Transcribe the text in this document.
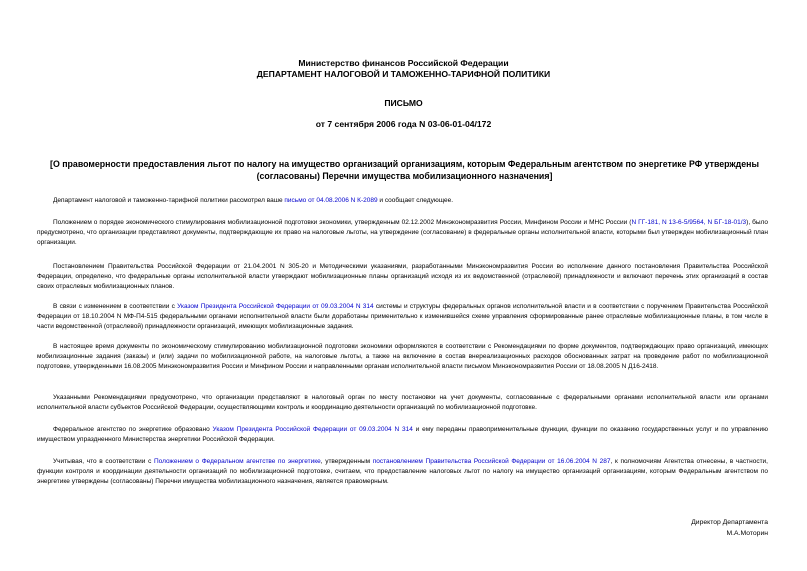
Министерство финансов Российской Федерации
ДЕПАРТАМЕНТ НАЛОГОВОЙ И ТАМОЖЕННО-ТАРИФНОЙ ПОЛИТИКИ
ПИСЬМО
от 7 сентября 2006 года N 03-06-01-04/172
[О правомерности предоставления льгот по налогу на имущество организаций организациям, которым Федеральным агентством по энергетике РФ утверждены (согласованы) Перечни имущества мобилизационного назначения]

Департамент налоговой и таможенно-тарифной политики рассмотрел ваше письмо от 04.08.2006 N К-2089 и сообщает следующее.

Положением о порядке экономического стимулирования мобилизационной подготовки экономики, утвержденным 02.12.2002 Минэкономразвития России, Минфином России и МНС России (N ГГ-181, N 13-6-5/9564, N БГ-18-01/3), было предусмотрено, что организации представляют документы, подтверждающие их право на налоговые льготы, на утверждение (согласование) в федеральные органы исполнительной власти, которыми был утвержден мобилизационный план организации.

Постановлением Правительства Российской Федерации от 21.04.2001 N 305-20 и Методическими указаниями, разработанными Минэкономразвития России во исполнение данного постановления Правительства Российской Федерации, определено, что федеральные органы исполнительной власти утверждают мобилизационные планы организаций исходя из их ведомственной (отраслевой) принадлежности и включают перечень этих организаций в состав своих отраслевых мобилизационных планов.

В связи с изменением в соответствии с Указом Президента Российской Федерации от 09.03.2004 N 314 системы и структуры федеральных органов исполнительной власти и в соответствии с поручением Правительства Российской Федерации от 18.10.2004 N МФ-П4-515 федеральными органами исполнительной власти были доработаны применительно к изменившейся схеме управления сформированные ранее отраслевые мобилизационные планы, в том числе в части ведомственной (отраслевой) принадлежности организаций, имеющих мобилизационные задания.

В настоящее время документы по экономическому стимулированию мобилизационной подготовки экономики оформляются в соответствии с Рекомендациями по форме документов, подтверждающих право организаций, имеющих мобилизационные задания (заказы) и (или) задачи по мобилизационной работе, на налоговые льготы, а также на включение в состав внереализационных расходов обоснованных затрат на проведение работ по мобилизационной подготовке, утвержденными 16.08.2005 Минэкономразвития России и Минфином России и направленными органам исполнительной власти письмом Минэкономразвития России от 18.08.2005 N Д16-2418.

Указанными Рекомендациями предусмотрено, что организации представляют в налоговый орган по месту постановки на учет документы, согласованные с федеральными органами исполнительной власти или органами исполнительной власти субъектов Российской Федерации, осуществляющими контроль и координацию деятельности организаций по мобилизационной подготовке.

Федеральное агентство по энергетике образовано Указом Президента Российской Федерации от 09.03.2004 N 314 и ему переданы правоприменительные функции, функции по оказанию государственных услуг и по управлению имуществом упраздненного Министерства энергетики Российской Федерации.

Учитывая, что в соответствии с Положением о Федеральном агентстве по энергетике, утвержденным постановлением Правительства Российской Федерации от 16.06.2004 N 287, к полномочиям Агентства отнесены, в частности, функции контроля и координации деятельности организаций по мобилизационной подготовке, считаем, что предоставление налоговых льгот по налогу на имущество организаций организациям, которым Федеральным агентством по энергетике утверждены (согласованы) Перечни имущества мобилизационного назначения, является правомерным.

Директор Департамента
М.А.Моторин
